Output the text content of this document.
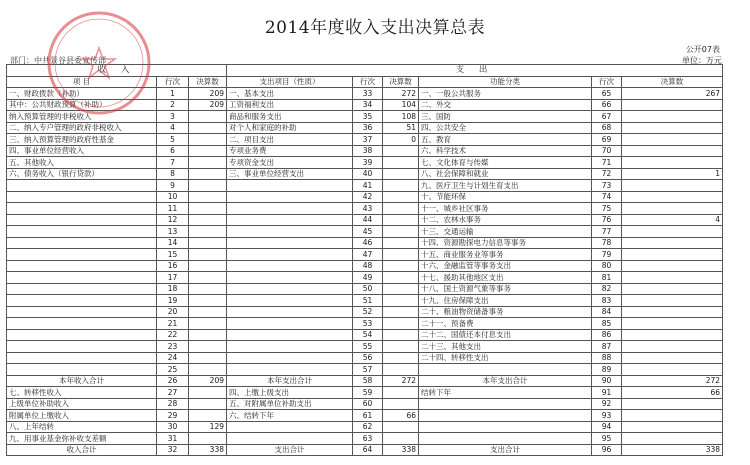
2014年度收入支出决算总表
公开07表
部门：中共景谷县委宣传部	单位：万元
收 入			支 出					
项 目	行次	决算数	支出项目（性质）	行次	决算数	功能分类	行次	决算数
一、财政拨款（补助）	1	209	一、基本支出	33	272	一、一般公共服务	65	267
其中：公共财政预算（补助）	2	209	工资福利支出	34	104	二、外交	66	
纳入预算管理的非税收入	3		商品和服务支出	35	108	三、国防	67	
二、纳入专户管理的政府非税收入	4		对个人和家庭的补助	36	51	四、公共安全	68	
三、纳入预算管理的政府性基金	5		二、项目支出	37	0	五、教育	69	
四、事业单位经营收入	6		专项业务费	38		六、科学技术	70	
五、其他收入	7		专项资金支出	39		七、文化体育与传媒	71	
六、债务收入（银行贷款）	8		三、事业单位经营支出	40		八、社会保障和就业	72	1
	9			41		九、医疗卫生与计划生育支出	73	
	10			42		十、节能环保	74	
	11			43		十一、城乡社区事务	75	
	12			44		十二、农林水事务	76	4
	13			45		十三、交通运输	77	
	14			46		十四、资源勘探电力信息等事务	78	
	15			47		十五、商业服务业等事务	79	
	16			48		十六、金融监管等事务支出	80	
	17			49		十七、援助其他地区支出	81	
	18			50		十八、国土资源气象等事务	82	
	19			51		十九、住房保障支出	83	
	20			52		二十、粮油物资储备事务	84	
	21			53		二十一、预备费	85	
	22			54		二十二、国债还本付息支出	86	
	23			55		二十三、其他支出	87	
	24			56		二十四、转移性支出	88	
	25			57			89	
本年收入合计	26	209	本年支出合计	58	272	本年支出合计	90	272
七、转移性收入	27		四、上缴上级支出	59		结转下年	91	66
上级单位补助收入	28		五、对附属单位补助支出	60			92	
附属单位上缴收入	29		六、结转下年	61	66		93	
八、上年结转	30	129		62			94	
九、用事业基金弥补收支差额	31			63			95	
收入合计	32	338	支出合计	64	338	支出合计	96	338
